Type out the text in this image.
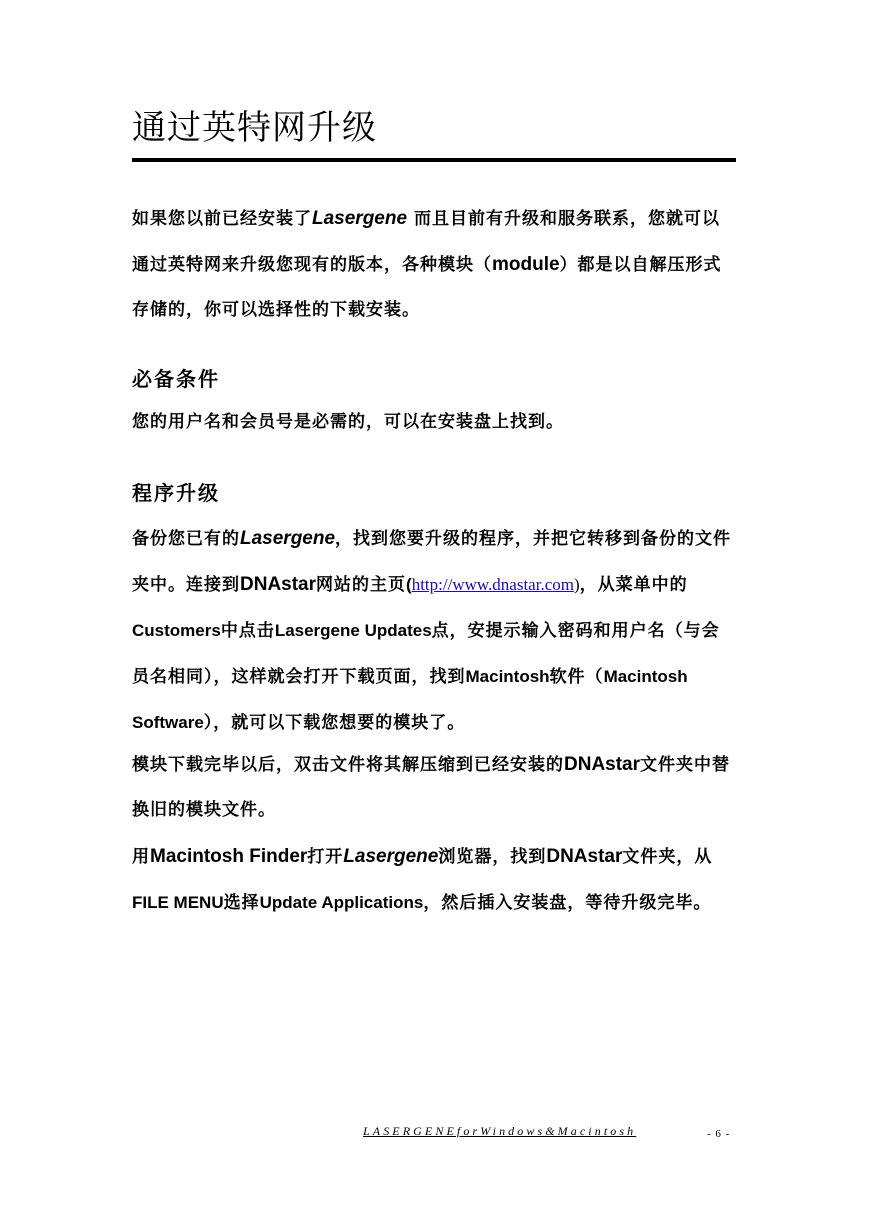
通过英特网升级

如果您以前已经安装了Lasergene 而且目前有升级和服务联系，您就可以通过英特网来升级您现有的版本，各种模块（module）都是以自解压形式存储的，你可以选择性的下载安装。

必备条件

您的用户名和会员号是必需的，可以在安装盘上找到。

程序升级

备份您已有的Lasergene，找到您要升级的程序，并把它转移到备份的文件夹中。连接到DNAstar网站的主页(http://www.dnastar.com)，从菜单中的Customers中点击Lasergene Updates点，安提示输入密码和用户名（与会员名相同），这样就会打开下载页面，找到Macintosh软件（Macintosh Software），就可以下载您想要的模块了。

模块下载完毕以后，双击文件将其解压缩到已经安装的DNAstar文件夹中替换旧的模块文件。

用Macintosh Finder打开Lasergene浏览器，找到DNAstar文件夹，从FILE MENU选择Update Applications，然后插入安装盘，等待升级完毕。

LASERGENEforWindows&Macintosh	- 6 -
